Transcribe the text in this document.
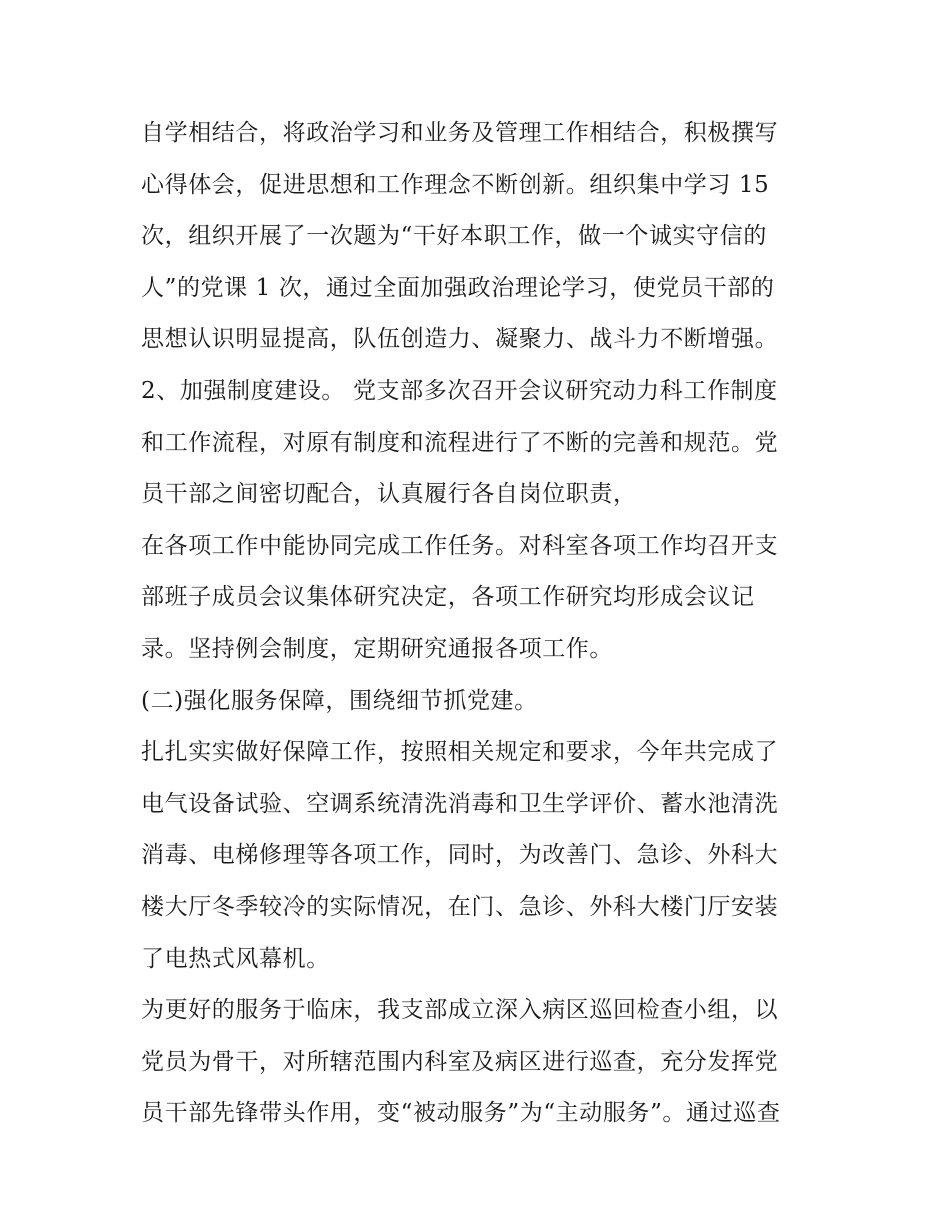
自学相结合，将政治学习和业务及管理工作相结合，积极撰写
心得体会，促进思想和工作理念不断创新。组织集中学习 15
次，组织开展了一次题为“干好本职工作，做一个诚实守信的
人”的党课 1 次，通过全面加强政治理论学习，使党员干部的
思想认识明显提高，队伍创造力、凝聚力、战斗力不断增强。
2、加强制度建设。 党支部多次召开会议研究动力科工作制度
和工作流程，对原有制度和流程进行了不断的完善和规范。党
员干部之间密切配合，认真履行各自岗位职责，
在各项工作中能协同完成工作任务。对科室各项工作均召开支
部班子成员会议集体研究决定，各项工作研究均形成会议记
录。坚持例会制度，定期研究通报各项工作。
(二)强化服务保障，围绕细节抓党建。
扎扎实实做好保障工作，按照相关规定和要求，今年共完成了
电气设备试验、空调系统清洗消毒和卫生学评价、蓄水池清洗
消毒、电梯修理等各项工作，同时，为改善门、急诊、外科大
楼大厅冬季较冷的实际情况，在门、急诊、外科大楼门厅安装
了电热式风幕机。
为更好的服务于临床，我支部成立深入病区巡回检查小组，以
党员为骨干，对所辖范围内科室及病区进行巡查，充分发挥党
员干部先锋带头作用，变“被动服务”为“主动服务”。通过巡查
